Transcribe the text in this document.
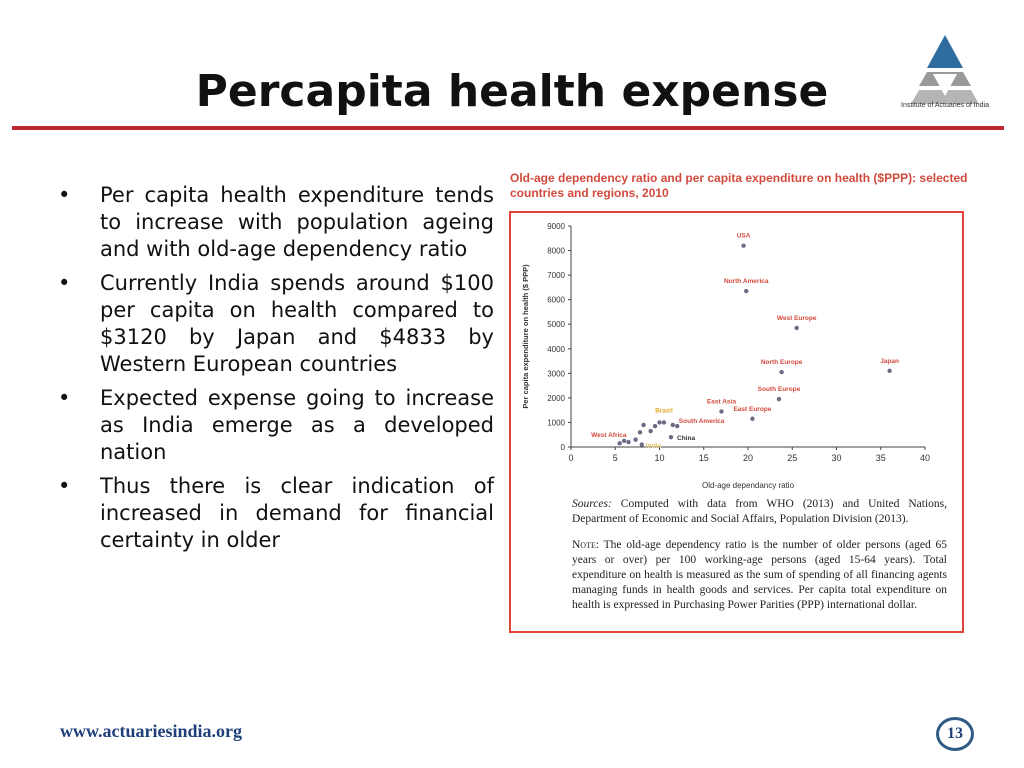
Percapita health expense	Institute of Actuaries of India
• Per capita health expenditure tends to increase with population ageing and with old-age dependency ratio
• Currently India spends around $100 per capita on health compared to $3120 by Japan and $4833 by Western European countries
• Expected expense going to increase as India emerge as a developed nation
• Thus there is clear indication of increased in demand for financial certainty in older
Old-age dependency ratio and per capita expenditure on health ($PPP): selected countries and regions, 2010
0
1000
2000
3000
4000
5000
6000
7000
8000
9000
0	5	10	15	20	25	30	35	40
Old-age dependancy ratio
Per capita expenditure on health ($ PPP)
USA
North America
West Europe
North Europe	Japan
South Europe
East Asia
East Europe
South America
China
Brazil
West Africa
India
Sources: Computed with data from WHO (2013) and United Nations, Department of Economic and Social Affairs, Population Division (2013).
Note: The old-age dependency ratio is the number of older persons (aged 65 years or over) per 100 working-age persons (aged 15-64 years). Total expenditure on health is measured as the sum of spending of all financing agents managing funds in health goods and services. Per capita total expenditure on health is expressed in Purchasing Power Parities (PPP) international dollar.
www.actuariesindia.org	13
